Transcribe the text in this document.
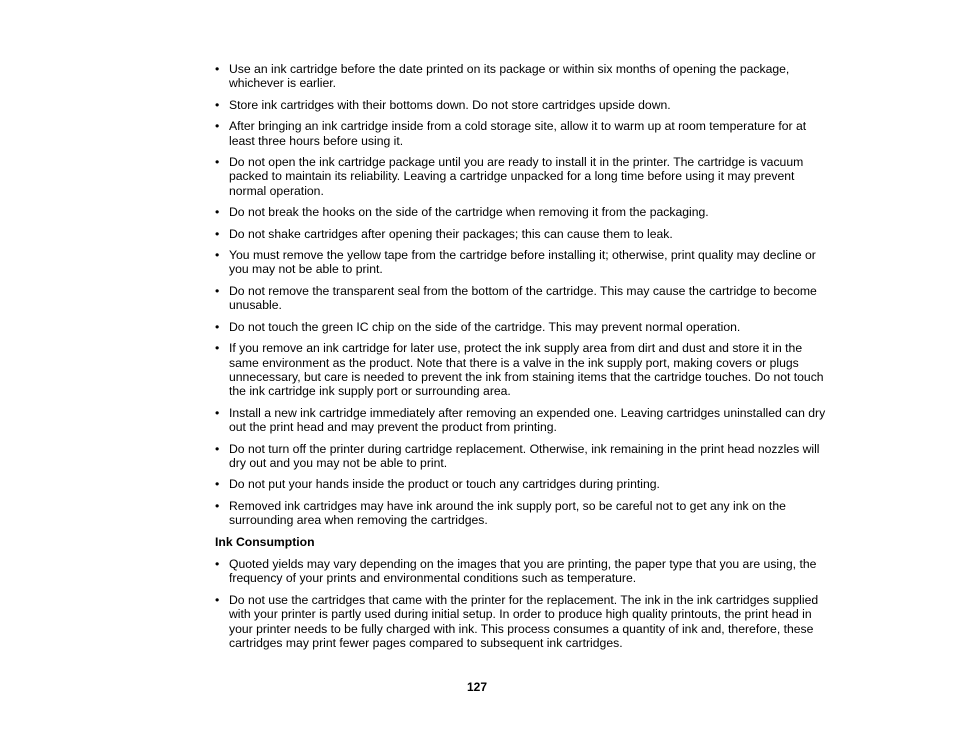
• Use an ink cartridge before the date printed on its package or within six months of opening the package, whichever is earlier.
• Store ink cartridges with their bottoms down. Do not store cartridges upside down.
• After bringing an ink cartridge inside from a cold storage site, allow it to warm up at room temperature for at least three hours before using it.
• Do not open the ink cartridge package until you are ready to install it in the printer. The cartridge is vacuum packed to maintain its reliability. Leaving a cartridge unpacked for a long time before using it may prevent normal operation.
• Do not break the hooks on the side of the cartridge when removing it from the packaging.
• Do not shake cartridges after opening their packages; this can cause them to leak.
• You must remove the yellow tape from the cartridge before installing it; otherwise, print quality may decline or you may not be able to print.
• Do not remove the transparent seal from the bottom of the cartridge. This may cause the cartridge to become unusable.
• Do not touch the green IC chip on the side of the cartridge. This may prevent normal operation.
• If you remove an ink cartridge for later use, protect the ink supply area from dirt and dust and store it in the same environment as the product. Note that there is a valve in the ink supply port, making covers or plugs unnecessary, but care is needed to prevent the ink from staining items that the cartridge touches. Do not touch the ink cartridge ink supply port or surrounding area.
• Install a new ink cartridge immediately after removing an expended one. Leaving cartridges uninstalled can dry out the print head and may prevent the product from printing.
• Do not turn off the printer during cartridge replacement. Otherwise, ink remaining in the print head nozzles will dry out and you may not be able to print.
• Do not put your hands inside the product or touch any cartridges during printing.
• Removed ink cartridges may have ink around the ink supply port, so be careful not to get any ink on the surrounding area when removing the cartridges.
Ink Consumption
• Quoted yields may vary depending on the images that you are printing, the paper type that you are using, the frequency of your prints and environmental conditions such as temperature.
• Do not use the cartridges that came with the printer for the replacement. The ink in the ink cartridges supplied with your printer is partly used during initial setup. In order to produce high quality printouts, the print head in your printer needs to be fully charged with ink. This process consumes a quantity of ink and, therefore, these cartridges may print fewer pages compared to subsequent ink cartridges.
127
